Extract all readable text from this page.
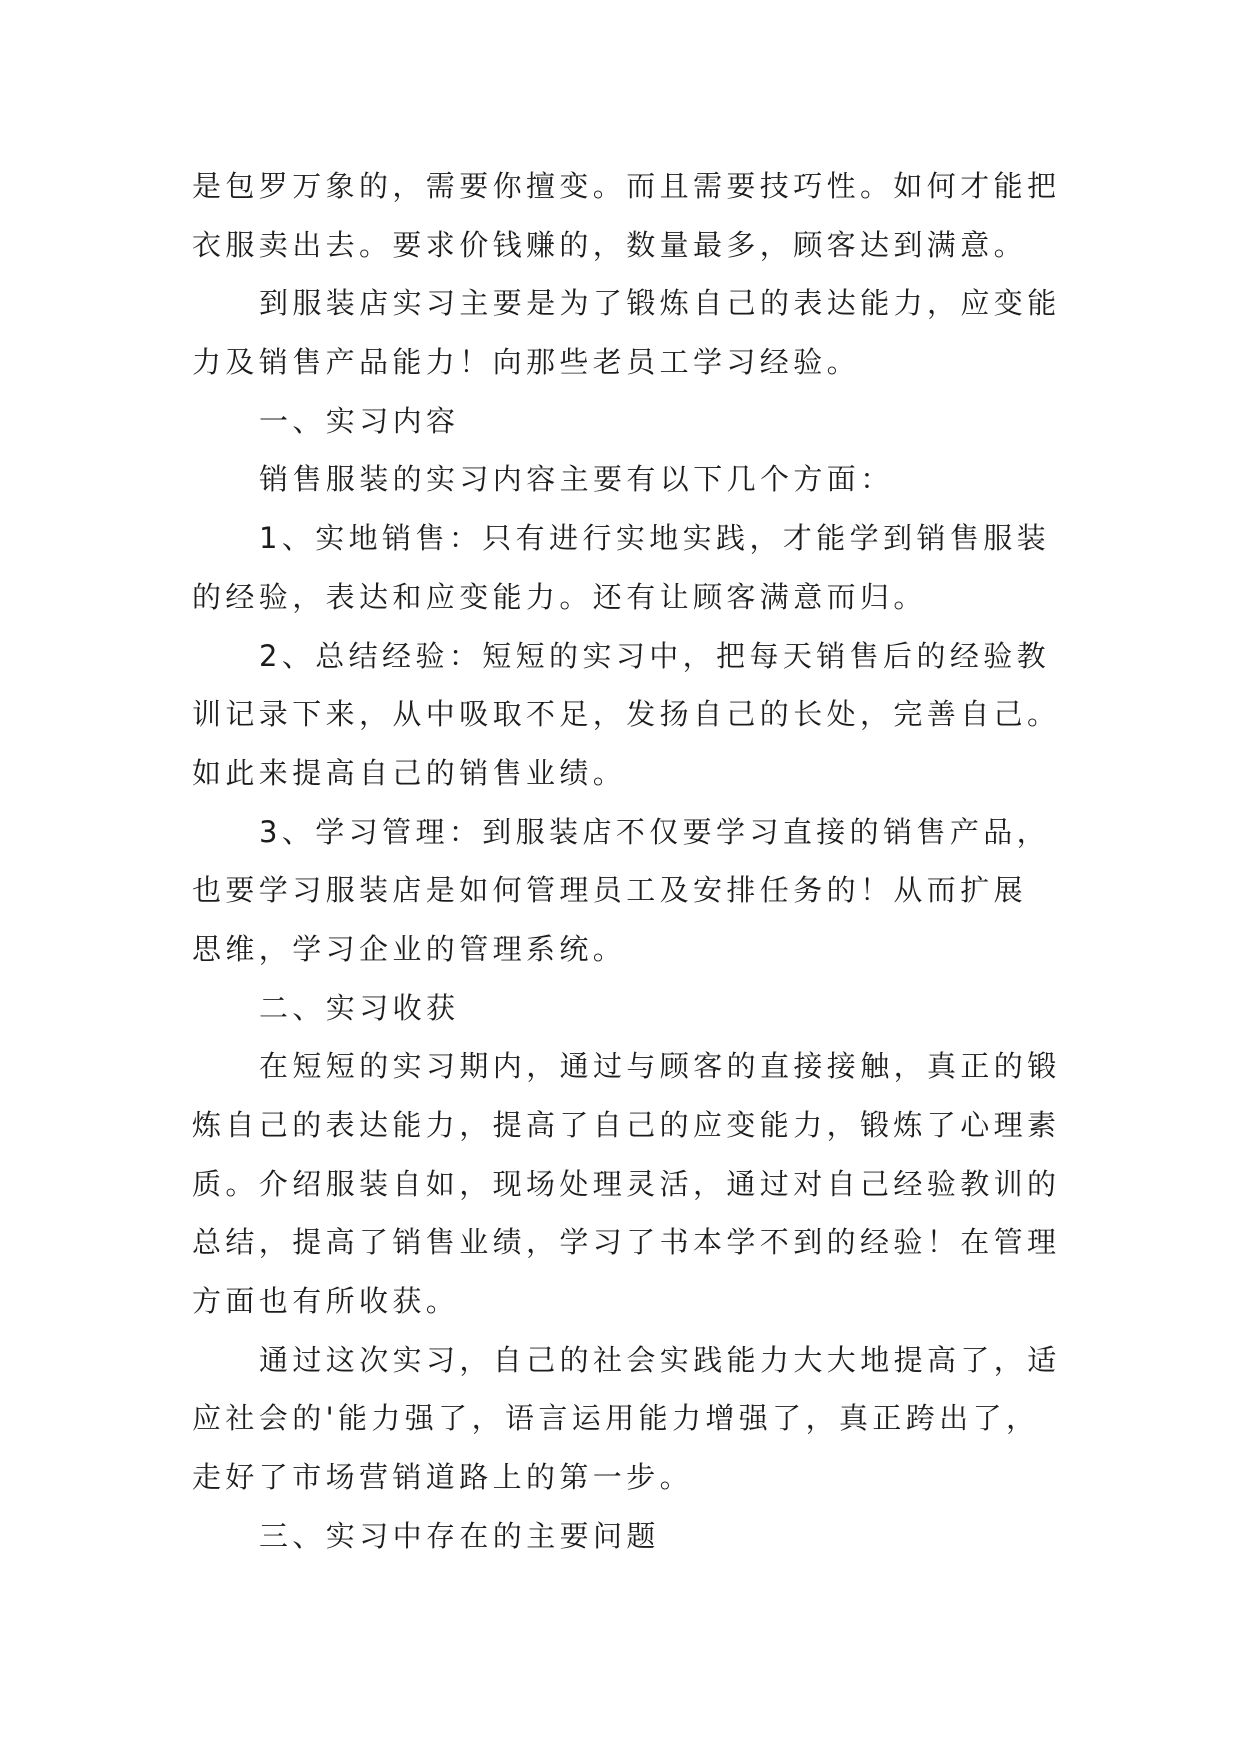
是包罗万象的，需要你擅变。而且需要技巧性。如何才能把
衣服卖出去。要求价钱赚的，数量最多，顾客达到满意。
到服装店实习主要是为了锻炼自己的表达能力，应变能
力及销售产品能力！向那些老员工学习经验。
一、实习内容
销售服装的实习内容主要有以下几个方面：
1、实地销售：只有进行实地实践，才能学到销售服装
的经验，表达和应变能力。还有让顾客满意而归。
2、总结经验：短短的实习中，把每天销售后的经验教
训记录下来，从中吸取不足，发扬自己的长处，完善自己。
如此来提高自己的销售业绩。
3、学习管理：到服装店不仅要学习直接的销售产品，
也要学习服装店是如何管理员工及安排任务的！从而扩展
思维，学习企业的管理系统。
二、实习收获
在短短的实习期内，通过与顾客的直接接触，真正的锻
炼自己的表达能力，提高了自己的应变能力，锻炼了心理素
质。介绍服装自如，现场处理灵活，通过对自己经验教训的
总结，提高了销售业绩，学习了书本学不到的经验！在管理
方面也有所收获。
通过这次实习，自己的社会实践能力大大地提高了，适
应社会的'能力强了，语言运用能力增强了，真正跨出了，
走好了市场营销道路上的第一步。
三、实习中存在的主要问题
